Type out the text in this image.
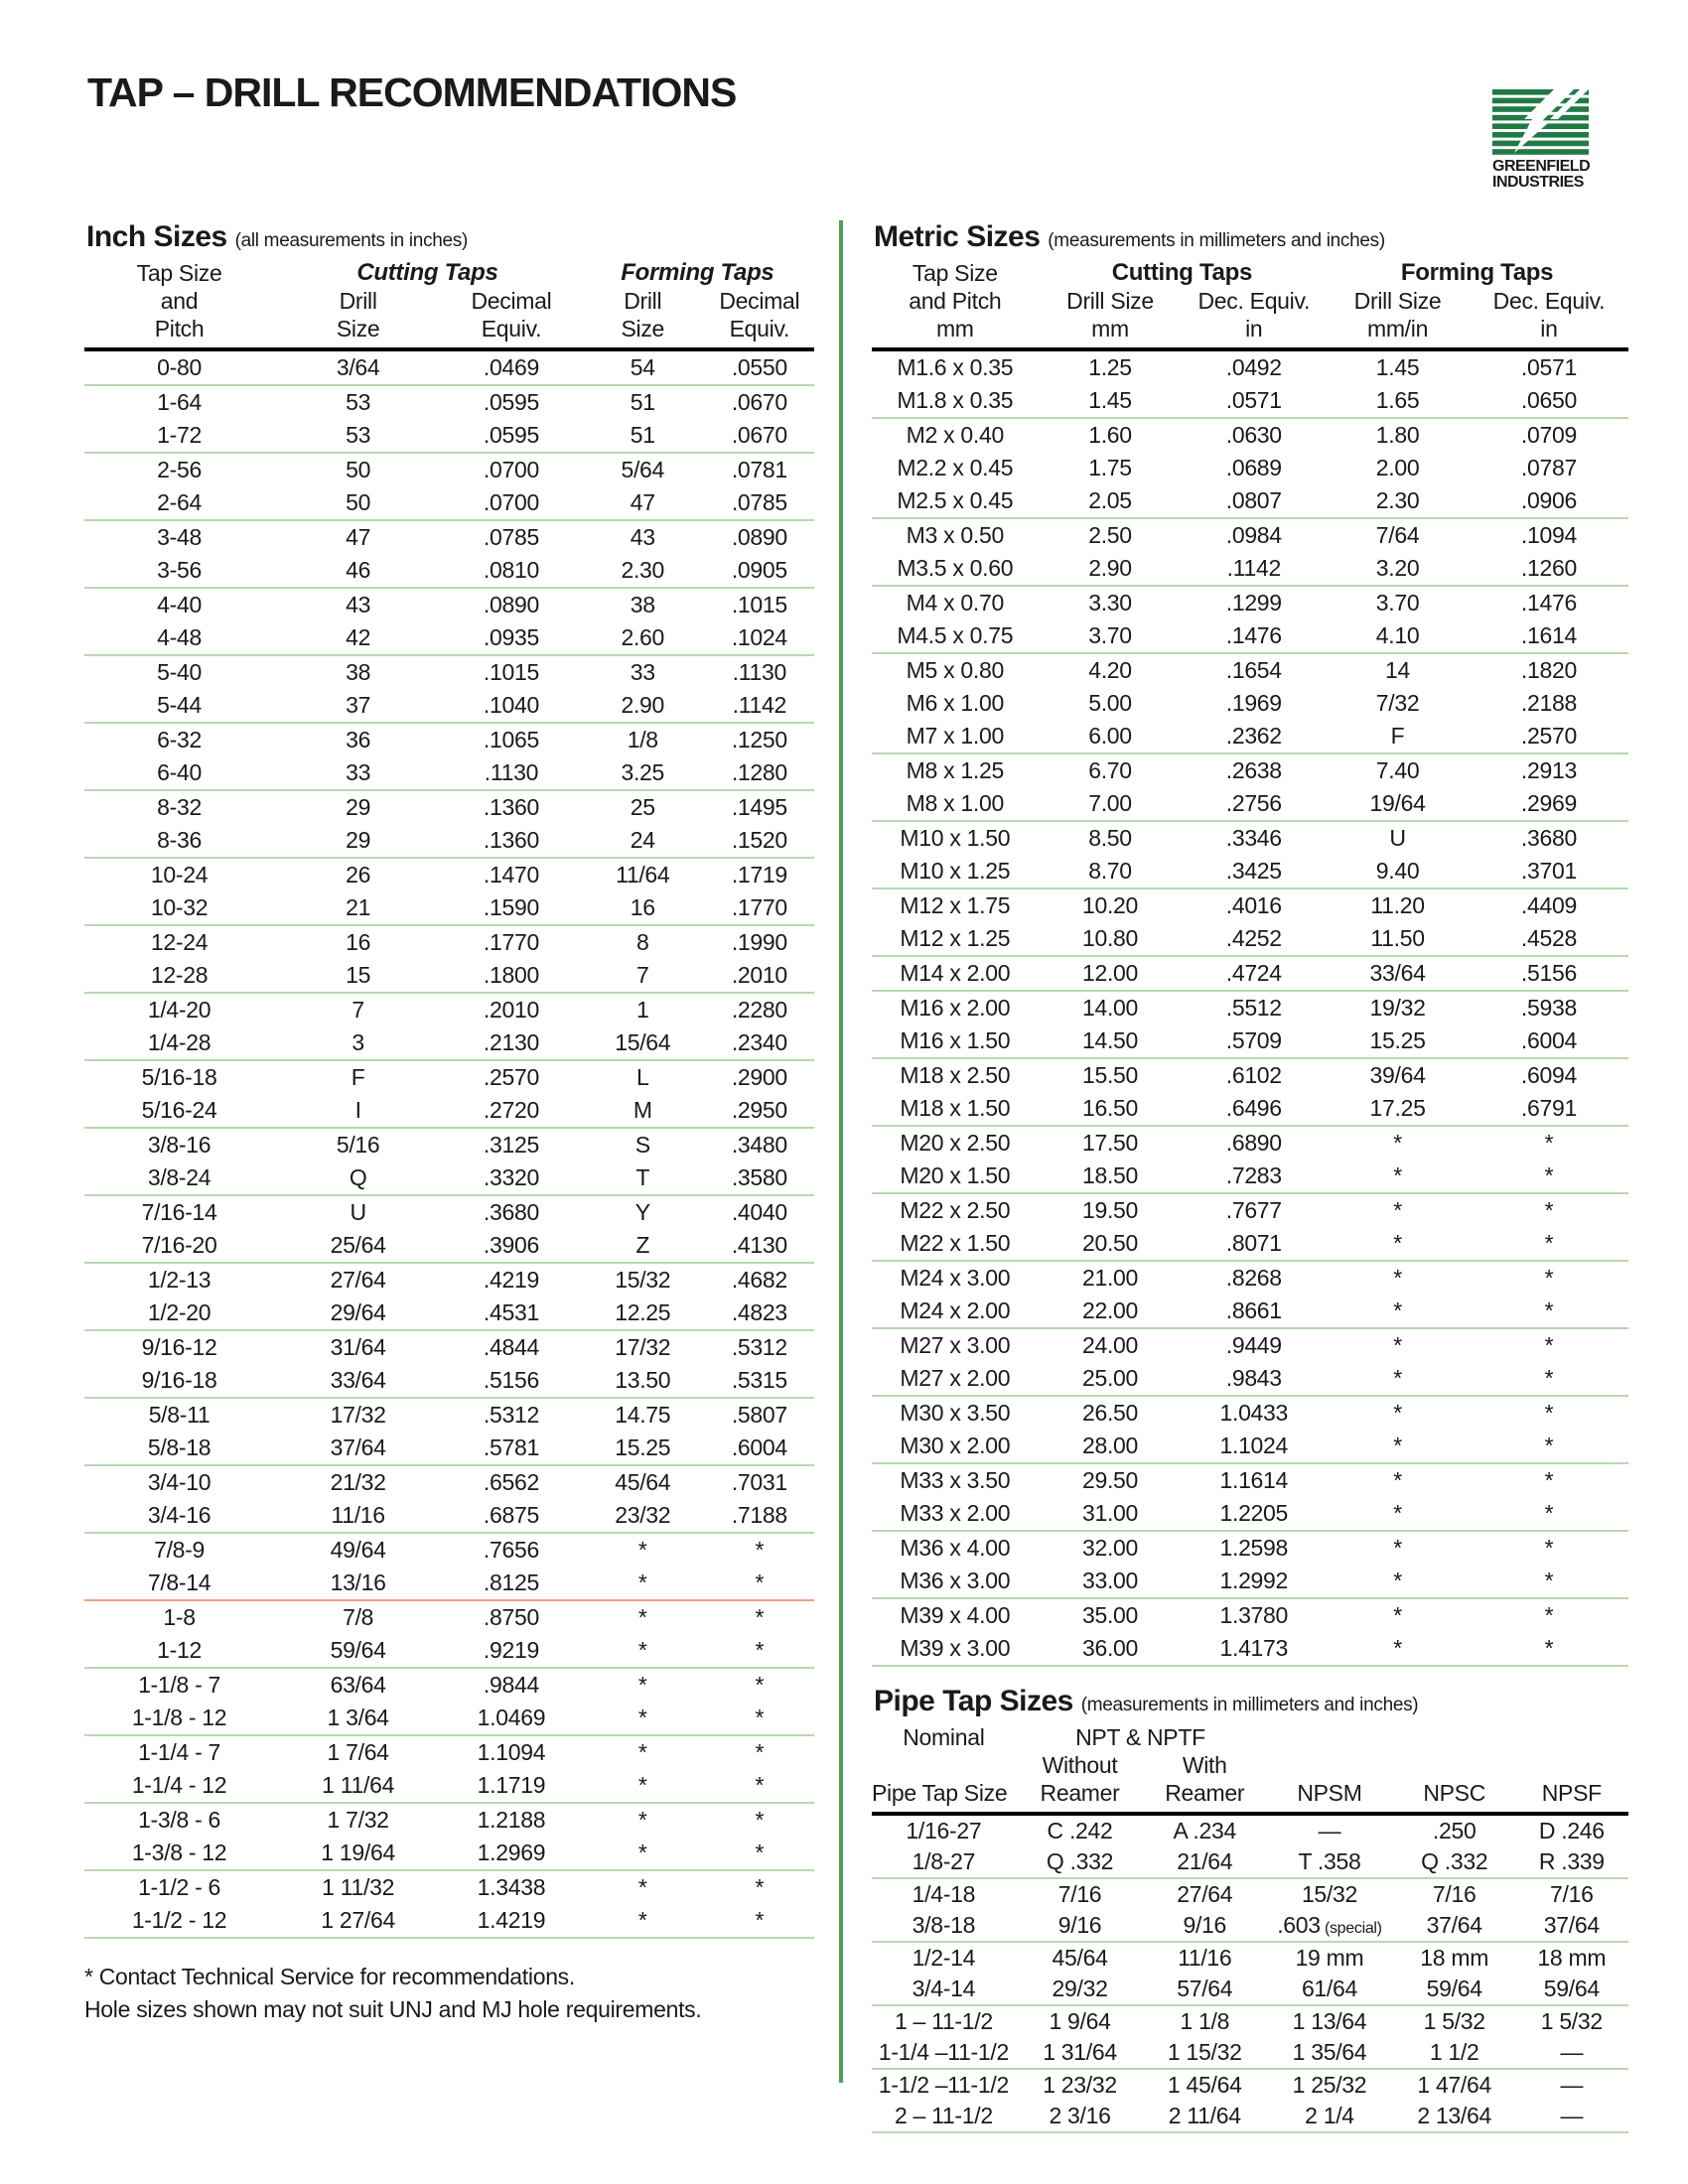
TAP – DRILL RECOMMENDATIONS
GREENFIELD
INDUSTRIES
Inch Sizes (all measurements in inches)
Tap Size	Cutting Taps		Forming Taps	
and	Drill	Decimal	Drill	Decimal
Pitch	Size	Equiv.	Size	Equiv.
0-80	3/64	.0469	54	.0550
1-64	53	.0595	51	.0670
1-72	53	.0595	51	.0670
2-56	50	.0700	5/64	.0781
2-64	50	.0700	47	.0785
3-48	47	.0785	43	.0890
3-56	46	.0810	2.30	.0905
4-40	43	.0890	38	.1015
4-48	42	.0935	2.60	.1024
5-40	38	.1015	33	.1130
5-44	37	.1040	2.90	.1142
6-32	36	.1065	1/8	.1250
6-40	33	.1130	3.25	.1280
8-32	29	.1360	25	.1495
8-36	29	.1360	24	.1520
10-24	26	.1470	11/64	.1719
10-32	21	.1590	16	.1770
12-24	16	.1770	8	.1990
12-28	15	.1800	7	.2010
1/4-20	7	.2010	1	.2280
1/4-28	3	.2130	15/64	.2340
5/16-18	F	.2570	L	.2900
5/16-24	I	.2720	M	.2950
3/8-16	5/16	.3125	S	.3480
3/8-24	Q	.3320	T	.3580
7/16-14	U	.3680	Y	.4040
7/16-20	25/64	.3906	Z	.4130
1/2-13	27/64	.4219	15/32	.4682
1/2-20	29/64	.4531	12.25	.4823
9/16-12	31/64	.4844	17/32	.5312
9/16-18	33/64	.5156	13.50	.5315
5/8-11	17/32	.5312	14.75	.5807
5/8-18	37/64	.5781	15.25	.6004
3/4-10	21/32	.6562	45/64	.7031
3/4-16	11/16	.6875	23/32	.7188
7/8-9	49/64	.7656	*	*
7/8-14	13/16	.8125	*	*
1-8	7/8	.8750	*	*
1-12	59/64	.9219	*	*
1-1/8 - 7	63/64	.9844	*	*
1-1/8 - 12	1 3/64	1.0469	*	*
1-1/4 - 7	1 7/64	1.1094	*	*
1-1/4 - 12	1 11/64	1.1719	*	*
1-3/8 - 6	1 7/32	1.2188	*	*
1-3/8 - 12	1 19/64	1.2969	*	*
1-1/2 - 6	1 11/32	1.3438	*	*
1-1/2 - 12	1 27/64	1.4219	*	*
* Contact Technical Service for recommendations.
Hole sizes shown may not suit UNJ and MJ hole requirements.
Metric Sizes (measurements in millimeters and inches)
Tap Size	Cutting Taps		Forming Taps	
and Pitch	Drill Size	Dec. Equiv.	Drill Size	Dec. Equiv.
mm	mm	in	mm/in	in
M1.6 x 0.35	1.25	.0492	1.45	.0571
M1.8 x 0.35	1.45	.0571	1.65	.0650
M2 x 0.40	1.60	.0630	1.80	.0709
M2.2 x 0.45	1.75	.0689	2.00	.0787
M2.5 x 0.45	2.05	.0807	2.30	.0906
M3 x 0.50	2.50	.0984	7/64	.1094
M3.5 x 0.60	2.90	.1142	3.20	.1260
M4 x 0.70	3.30	.1299	3.70	.1476
M4.5 x 0.75	3.70	.1476	4.10	.1614
M5 x 0.80	4.20	.1654	14	.1820
M6 x 1.00	5.00	.1969	7/32	.2188
M7 x 1.00	6.00	.2362	F	.2570
M8 x 1.25	6.70	.2638	7.40	.2913
M8 x 1.00	7.00	.2756	19/64	.2969
M10 x 1.50	8.50	.3346	U	.3680
M10 x 1.25	8.70	.3425	9.40	.3701
M12 x 1.75	10.20	.4016	11.20	.4409
M12 x 1.25	10.80	.4252	11.50	.4528
M14 x 2.00	12.00	.4724	33/64	.5156
M16 x 2.00	14.00	.5512	19/32	.5938
M16 x 1.50	14.50	.5709	15.25	.6004
M18 x 2.50	15.50	.6102	39/64	.6094
M18 x 1.50	16.50	.6496	17.25	.6791
M20 x 2.50	17.50	.6890	*	*
M20 x 1.50	18.50	.7283	*	*
M22 x 2.50	19.50	.7677	*	*
M22 x 1.50	20.50	.8071	*	*
M24 x 3.00	21.00	.8268	*	*
M24 x 2.00	22.00	.8661	*	*
M27 x 3.00	24.00	.9449	*	*
M27 x 2.00	25.00	.9843	*	*
M30 x 3.50	26.50	1.0433	*	*
M30 x 2.00	28.00	1.1024	*	*
M33 x 3.50	29.50	1.1614	*	*
M33 x 2.00	31.00	1.2205	*	*
M36 x 4.00	32.00	1.2598	*	*
M36 x 3.00	33.00	1.2992	*	*
M39 x 4.00	35.00	1.3780	*	*
M39 x 3.00	36.00	1.4173	*	*
Pipe Tap Sizes (measurements in millimeters and inches)
Nominal	NPT & NPTF				
	Without	With			
Pipe Tap Size	Reamer	Reamer	NPSM	NPSC	NPSF
1/16-27	C .242	A .234	—	.250	D .246
1/8-27	Q .332	21/64	T .358	Q .332	R .339
1/4-18	7/16	27/64	15/32	7/16	7/16
3/8-18	9/16	9/16	.603 (special)	37/64	37/64
1/2-14	45/64	11/16	19 mm	18 mm	18 mm
3/4-14	29/32	57/64	61/64	59/64	59/64
1 – 11-1/2	1 9/64	1 1/8	1 13/64	1 5/32	1 5/32
1-1/4 –11-1/2	1 31/64	1 15/32	1 35/64	1 1/2	—
1-1/2 –11-1/2	1 23/32	1 45/64	1 25/32	1 47/64	—
2 – 11-1/2	2 3/16	2 11/64	2 1/4	2 13/64	—
